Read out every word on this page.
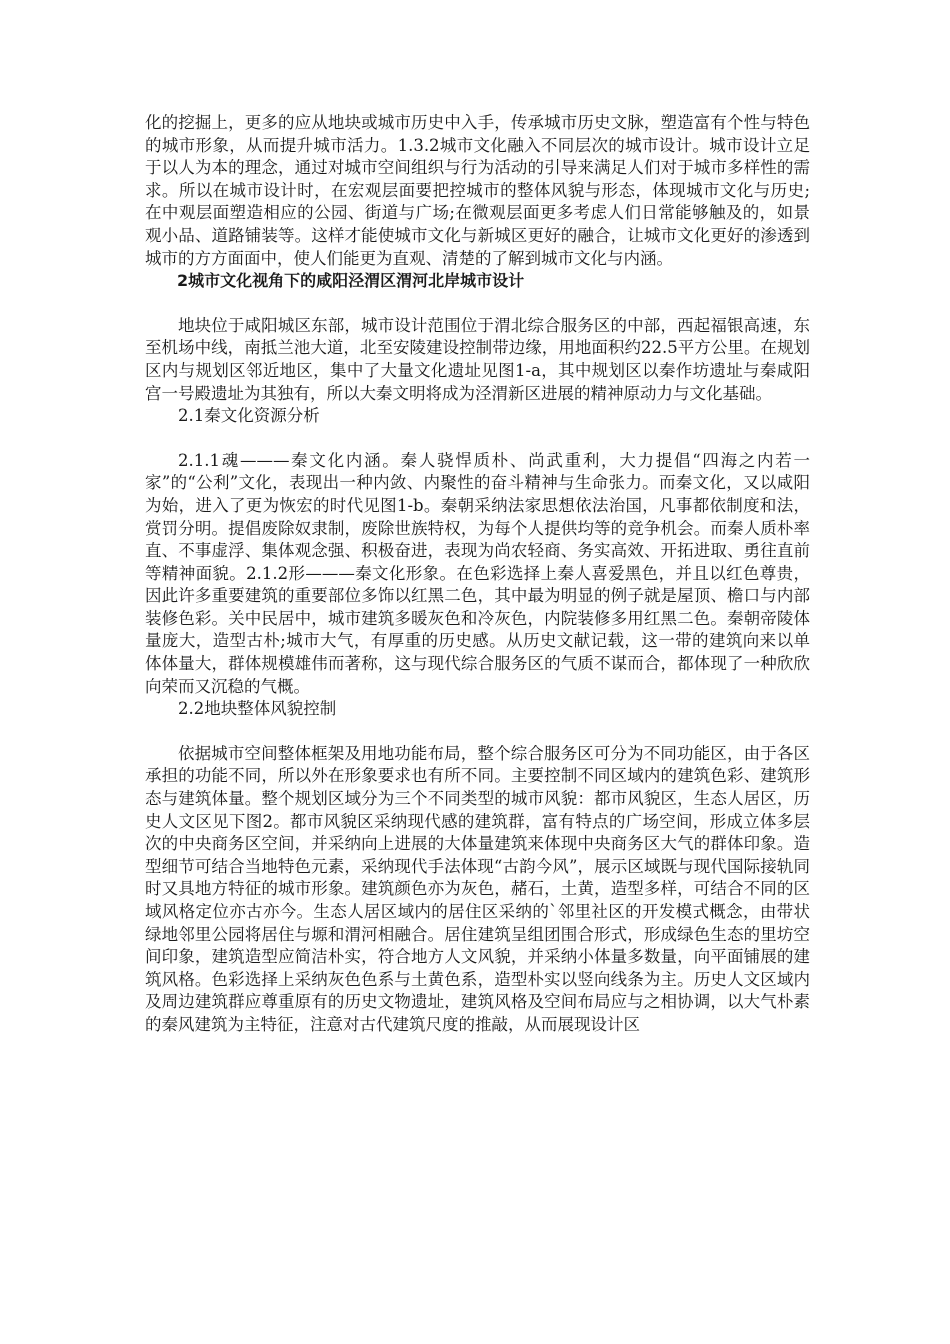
化的挖掘上，更多的应从地块或城市历史中入手，传承城市历史文脉，塑造富有个性与特色的城市形象，从而提升城市活力。1.3.2城市文化融入不同层次的城市设计。城市设计立足于以人为本的理念，通过对城市空间组织与行为活动的引导来满足人们对于城市多样性的需求。所以在城市设计时，在宏观层面要把控城市的整体风貌与形态，体现城市文化与历史;在中观层面塑造相应的公园、街道与广场;在微观层面更多考虑人们日常能够触及的，如景观小品、道路铺装等。这样才能使城市文化与新城区更好的融合，让城市文化更好的渗透到城市的方方面面中，使人们能更为直观、清楚的了解到城市文化与内涵。

2城市文化视角下的咸阳泾渭区渭河北岸城市设计

地块位于咸阳城区东部，城市设计范围位于渭北综合服务区的中部，西起福银高速，东至机场中线，南抵兰池大道，北至安陵建设控制带边缘，用地面积约22.5平方公里。在规划区内与规划区邻近地区，集中了大量文化遗址见图1-a，其中规划区以秦作坊遗址与秦咸阳宫一号殿遗址为其独有，所以大秦文明将成为泾渭新区进展的精神原动力与文化基础。

2.1秦文化资源分析

2.1.1魂———秦文化内涵。秦人骁悍质朴、尚武重利，大力提倡“四海之内若一家”的“公利”文化，表现出一种内敛、内聚性的奋斗精神与生命张力。而秦文化，又以咸阳为始，进入了更为恢宏的时代见图1-b。秦朝采纳法家思想依法治国，凡事都依制度和法，赏罚分明。提倡废除奴隶制，废除世族特权，为每个人提供均等的竞争机会。而秦人质朴率直、不事虚浮、集体观念强、积极奋进，表现为尚农轻商、务实高效、开拓进取、勇往直前等精神面貌。2.1.2形———秦文化形象。在色彩选择上秦人喜爱黑色，并且以红色尊贵，因此许多重要建筑的重要部位多饰以红黑二色，其中最为明显的例子就是屋顶、檐口与内部装修色彩。关中民居中，城市建筑多暖灰色和冷灰色，内院装修多用红黑二色。秦朝帝陵体量庞大，造型古朴;城市大气，有厚重的历史感。从历史文献记载，这一带的建筑向来以单体体量大，群体规模雄伟而著称，这与现代综合服务区的气质不谋而合，都体现了一种欣欣向荣而又沉稳的气概。

2.2地块整体风貌控制

依据城市空间整体框架及用地功能布局，整个综合服务区可分为不同功能区，由于各区承担的功能不同，所以外在形象要求也有所不同。主要控制不同区域内的建筑色彩、建筑形态与建筑体量。整个规划区域分为三个不同类型的城市风貌：都市风貌区，生态人居区，历史人文区见下图2。都市风貌区采纳现代感的建筑群，富有特点的广场空间，形成立体多层次的中央商务区空间，并采纳向上进展的大体量建筑来体现中央商务区大气的群体印象。造型细节可结合当地特色元素，采纳现代手法体现“古韵今风”，展示区域既与现代国际接轨同时又具地方特征的城市形象。建筑颜色亦为灰色，赭石，土黄，造型多样，可结合不同的区域风格定位亦古亦今。生态人居区域内的居住区采纳的`邻里社区的开发模式概念，由带状绿地邻里公园将居住与塬和渭河相融合。居住建筑呈组团围合形式，形成绿色生态的里坊空间印象，建筑造型应简洁朴实，符合地方人文风貌，并采纳小体量多数量，向平面铺展的建筑风格。色彩选择上采纳灰色色系与土黄色系，造型朴实以竖向线条为主。历史人文区域内及周边建筑群应尊重原有的历史文物遗址，建筑风格及空间布局应与之相协调，以大气朴素的秦风建筑为主特征，注意对古代建筑尺度的推敲，从而展现设计区
